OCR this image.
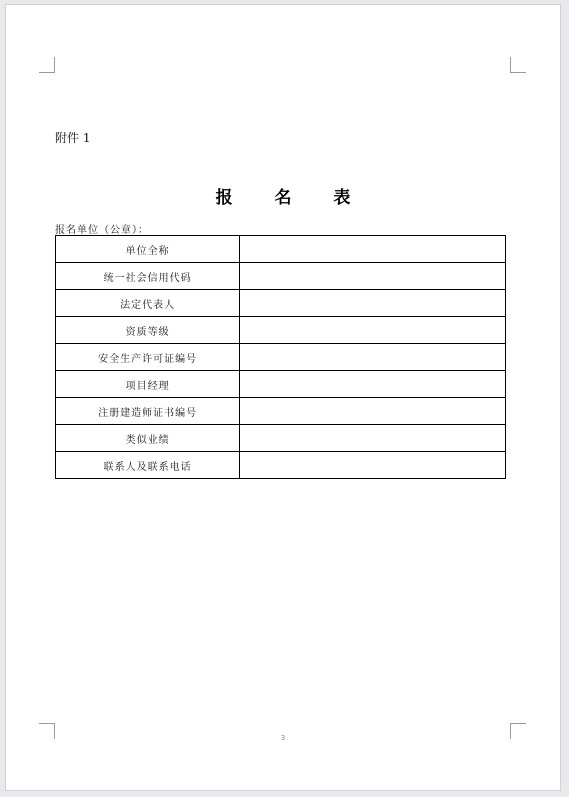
附件 1
报 名 表
报名单位（公章）：
单位全称	
统一社会信用代码	
法定代表人	
资质等级	
安全生产许可证编号	
项目经理	
注册建造师证书编号	
类似业绩	
联系人及联系电话	
3
